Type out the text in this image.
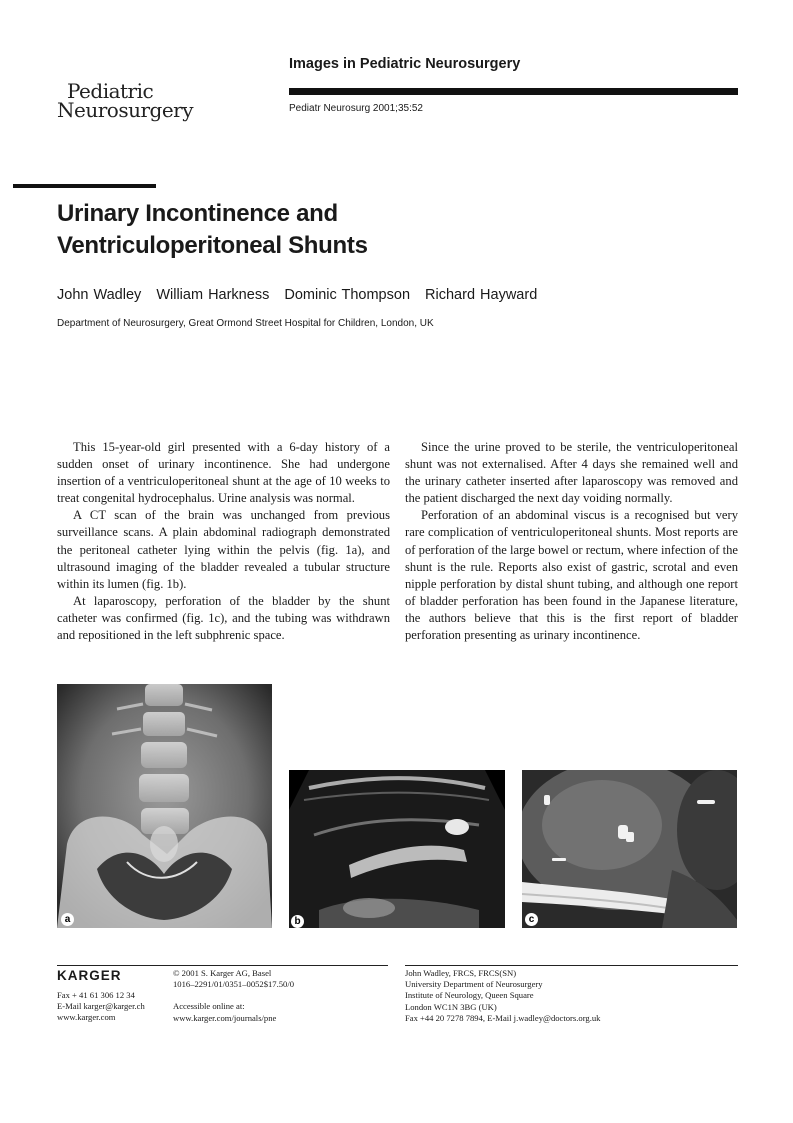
Pediatric
Neurosurgery
Images in Pediatric Neurosurgery
Pediatr Neurosurg 2001;35:52
Urinary Incontinence and
Ventriculoperitoneal Shunts
John Wadley William Harkness Dominic Thompson Richard Hayward
Department of Neurosurgery, Great Ormond Street Hospital for Children, London, UK

This 15-year-old girl presented with a 6-day history of a sudden onset of urinary incontinence. She had undergone insertion of a ventriculoperitoneal shunt at the age of 10 weeks to treat congenital hydrocephalus. Urine analysis was normal.

A CT scan of the brain was unchanged from previous surveillance scans. A plain abdominal radiograph demonstrated the peritoneal catheter lying within the pelvis (fig. 1a), and ultrasound imaging of the bladder revealed a tubular structure within its lumen (fig. 1b).

At laparoscopy, perforation of the bladder by the shunt catheter was confirmed (fig. 1c), and the tubing was withdrawn and repositioned in the left subphrenic space.

Since the urine proved to be sterile, the ventriculoperitoneal shunt was not externalised. After 4 days she remained well and the urinary catheter inserted after laparoscopy was removed and the patient discharged the next day voiding normally.

Perforation of an abdominal viscus is a recognised but very rare complication of ventriculoperitoneal shunts. Most reports are of perforation of the large bowel or rectum, where infection of the shunt is the rule. Reports also exist of gastric, scrotal and even nipple perforation by distal shunt tubing, and although one report of bladder perforation has been found in the Japanese literature, the authors believe that this is the first report of bladder perforation presenting as urinary incontinence.

a	b	c
KARGER
Fax + 41 61 306 12 34
E-Mail karger@karger.ch
www.karger.com
© 2001 S. Karger AG, Basel
1016–2291/01/0351–0052$17.50/0
Accessible online at:
www.karger.com/journals/pne
John Wadley, FRCS, FRCS(SN)
University Department of Neurosurgery
Institute of Neurology, Queen Square
London WC1N 3BG (UK)
Fax +44 20 7278 7894, E-Mail j.wadley@doctors.org.uk
